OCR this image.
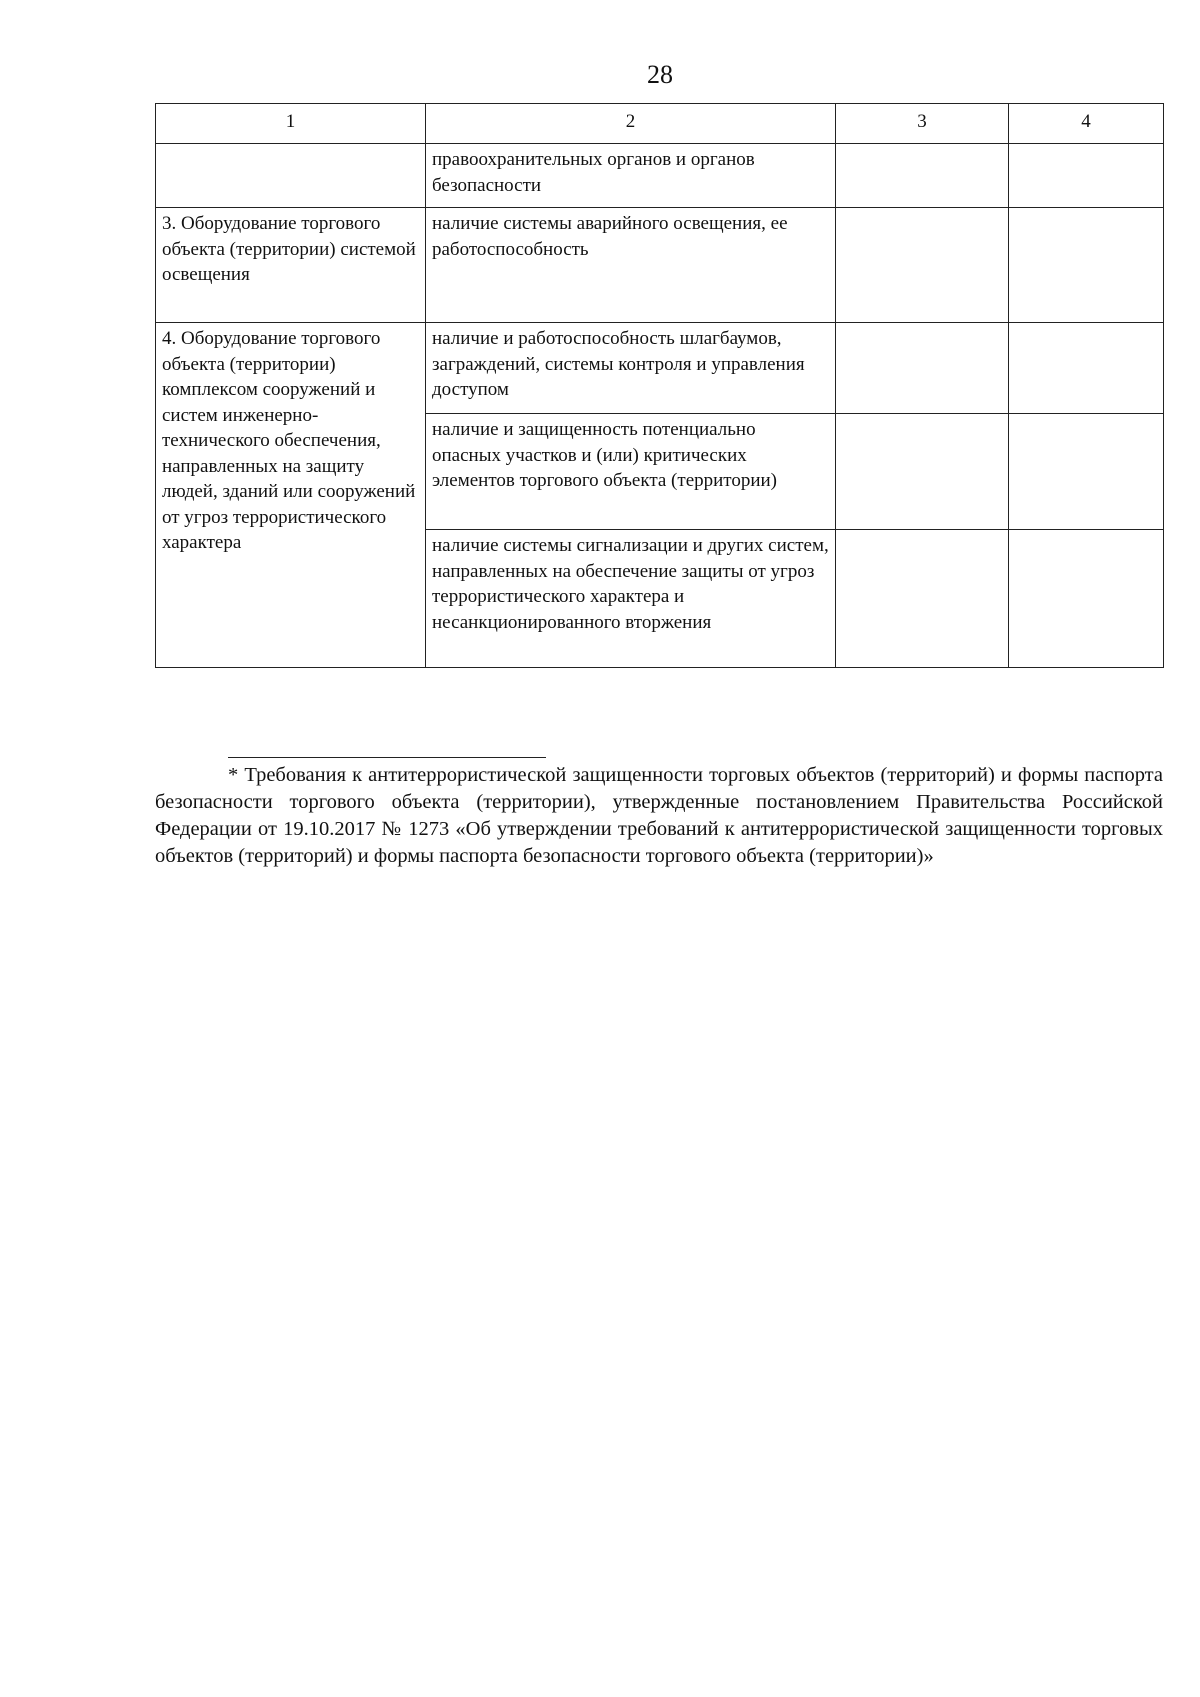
28
1	2	3	4
	правоохранительных органов и органов безопасности		
3. Оборудование торгового объекта (территории) системой освещения	наличие системы аварийного освещения, ее работоспособность		
4. Оборудование торгового объекта (территории) комплексом сооружений и систем инженерно-технического обеспечения, направленных на защиту людей, зданий или сооружений от угроз террористического характера	наличие и работоспособность шлагбаумов, заграждений, системы контроля и управления доступом		
	наличие и защищенность потенциально опасных участков и (или) критических элементов торгового объекта (территории)		
	наличие системы сигнализации и других систем, направленных на обеспечение защиты от угроз террористического характера и несанкционированного вторжения		
* Требования к антитеррористической защищенности торговых объектов (территорий) и формы паспорта безопасности торгового объекта (территории), утвержденные постановлением Правительства Российской Федерации от 19.10.2017 № 1273 «Об утверждении требований к антитеррористической защищенности торговых объектов (территорий) и формы паспорта безопасности торгового объекта (территории)»
